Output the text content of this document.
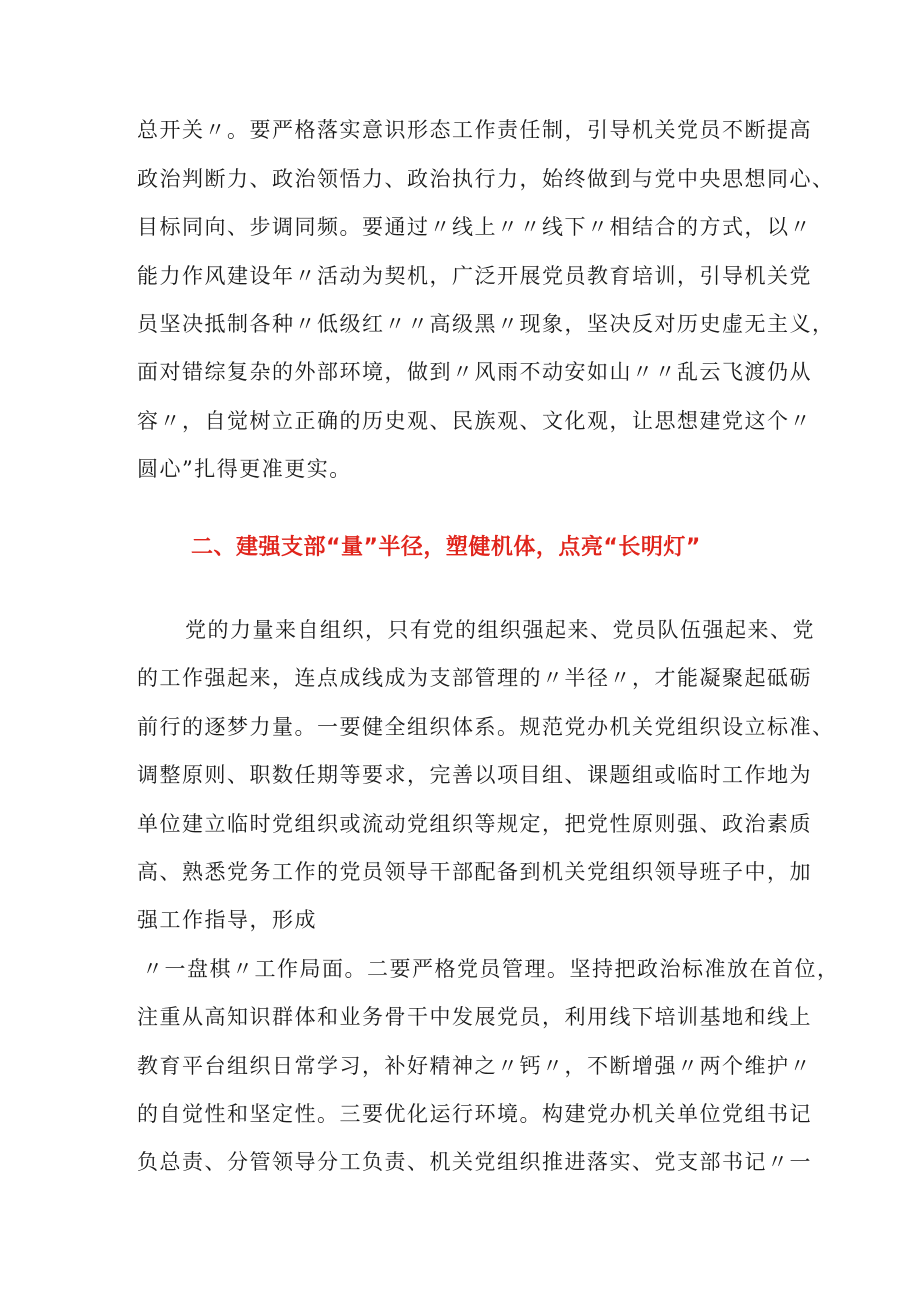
总开关〃。要严格落实意识形态工作责任制，引导机关党员不断提高
政治判断力、政治领悟力、政治执行力，始终做到与党中央思想同心、
目标同向、步调同频。要通过〃线上〃〃线下〃相结合的方式，以〃
能力作风建设年〃活动为契机，广泛开展党员教育培训，引导机关党
员坚决抵制各种〃低级红〃〃高级黑〃现象，坚决反对历史虚无主义，
面对错综复杂的外部环境，做到〃风雨不动安如山〃〃乱云飞渡仍从
容〃，自觉树立正确的历史观、民族观、文化观，让思想建党这个〃
圆心”扎得更准更实。
二、建强支部“量”半径，塑健机体，点亮“长明灯”
党的力量来自组织，只有党的组织强起来、党员队伍强起来、党
的工作强起来，连点成线成为支部管理的〃半径〃，才能凝聚起砥砺
前行的逐梦力量。一要健全组织体系。规范党办机关党组织设立标准、
调整原则、职数任期等要求，完善以项目组、课题组或临时工作地为
单位建立临时党组织或流动党组织等规定，把党性原则强、政治素质
高、熟悉党务工作的党员领导干部配备到机关党组织领导班子中，加
强工作指导，形成
〃一盘棋〃工作局面。二要严格党员管理。坚持把政治标准放在首位，
注重从高知识群体和业务骨干中发展党员，利用线下培训基地和线上
教育平台组织日常学习，补好精神之〃钙〃，不断增强〃两个维护〃
的自觉性和坚定性。三要优化运行环境。构建党办机关单位党组书记
负总责、分管领导分工负责、机关党组织推进落实、党支部书记〃一
